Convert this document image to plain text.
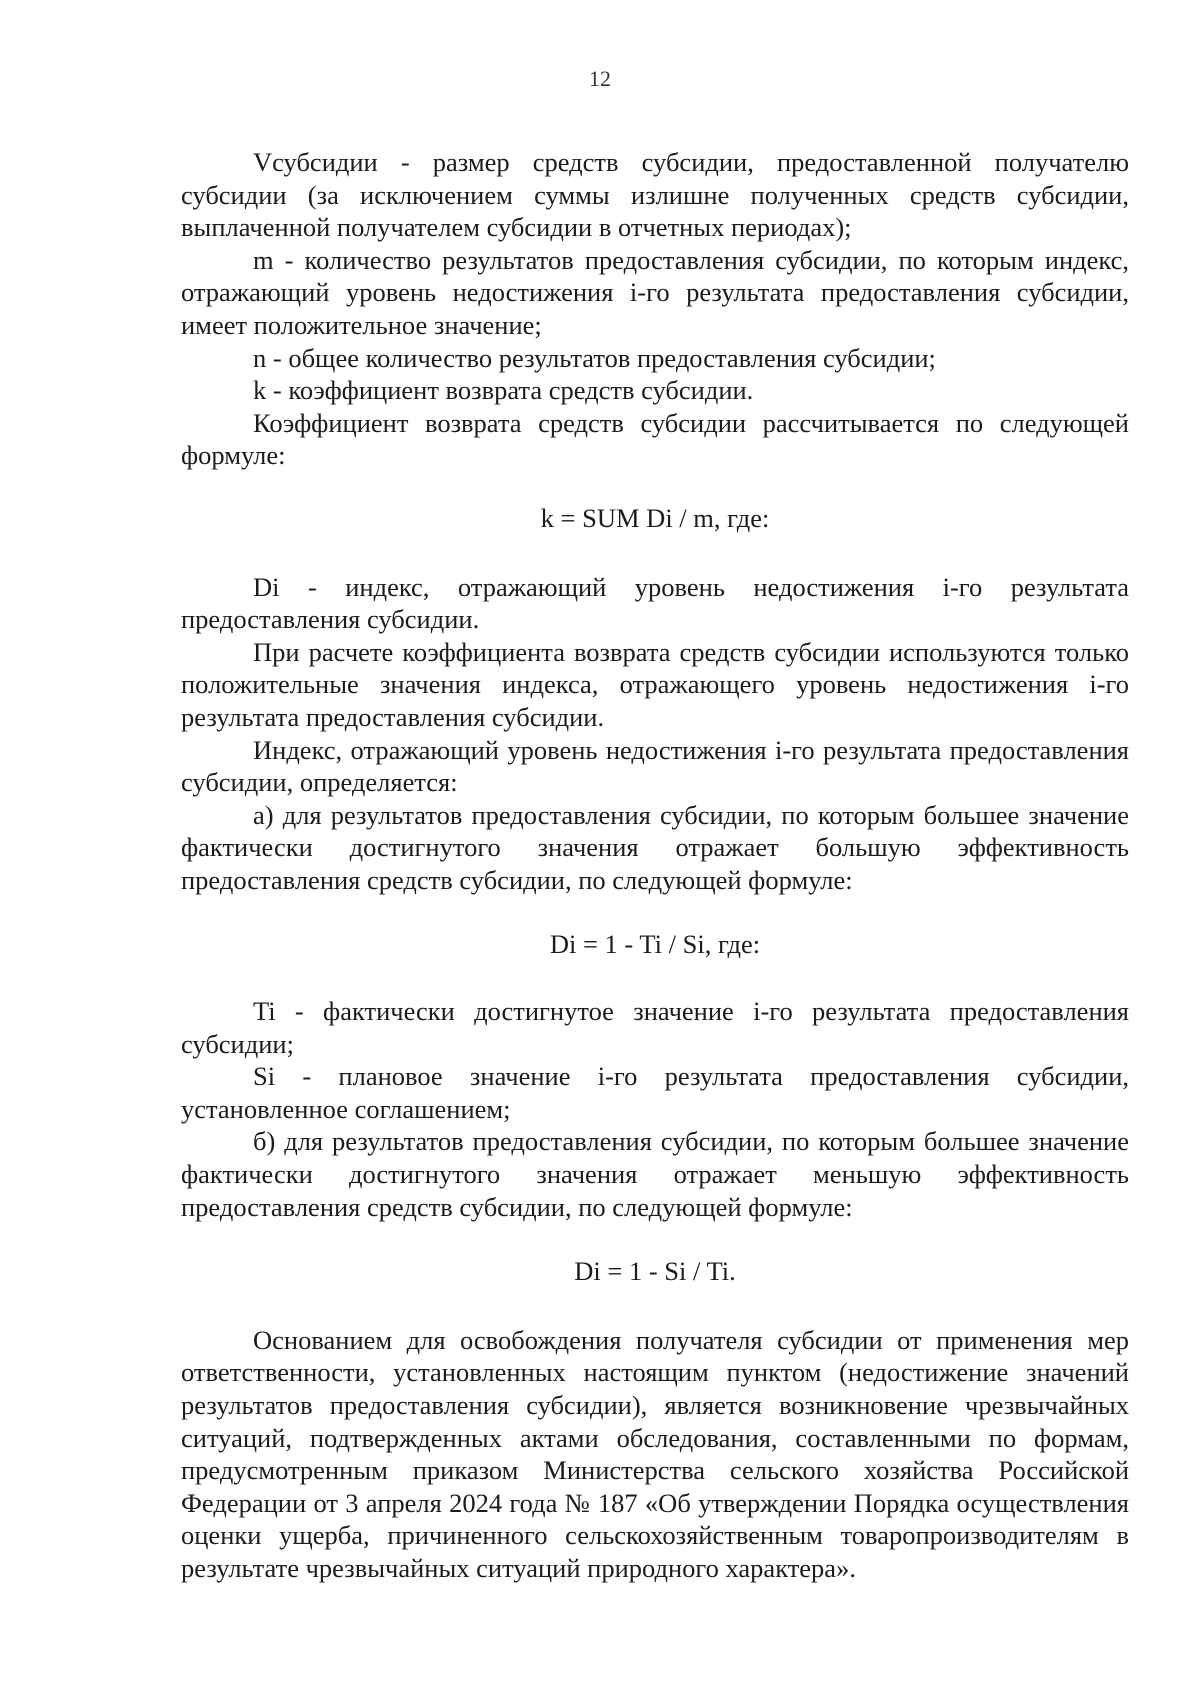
12

Vсубсидии - размер средств субсидии, предоставленной получателю субсидии (за исключением суммы излишне полученных средств субсидии, выплаченной получателем субсидии в отчетных периодах);

m - количество результатов предоставления субсидии, по которым индекс, отражающий уровень недостижения i-го результата предоставления субсидии, имеет положительное значение;

n - общее количество результатов предоставления субсидии;

k - коэффициент возврата средств субсидии.

Коэффициент возврата средств субсидии рассчитывается по следующей формуле:

k = SUM Di / m, где:

Di - индекс, отражающий уровень недостижения i-го результата предоставления субсидии.

При расчете коэффициента возврата средств субсидии используются только положительные значения индекса, отражающего уровень недостижения i-го результата предоставления субсидии.

Индекс, отражающий уровень недостижения i-го результата предоставления субсидии, определяется:

а) для результатов предоставления субсидии, по которым большее значение фактически достигнутого значения отражает большую эффективность предоставления средств субсидии, по следующей формуле:

Di = 1 - Ti / Si, где:

Ti - фактически достигнутое значение i-го результата предоставления субсидии;

Si - плановое значение i-го результата предоставления субсидии, установленное соглашением;

б) для результатов предоставления субсидии, по которым большее значение фактически достигнутого значения отражает меньшую эффективность предоставления средств субсидии, по следующей формуле:

Di = 1 - Si / Ti.

Основанием для освобождения получателя субсидии от применения мер ответственности, установленных настоящим пунктом (недостижение значений результатов предоставления субсидии), является возникновение чрезвычайных ситуаций, подтвержденных актами обследования, составленными по формам, предусмотренным приказом Министерства сельского хозяйства Российской Федерации от 3 апреля 2024 года № 187 «Об утверждении Порядка осуществления оценки ущерба, причиненного сельскохозяйственным товаропроизводителям в результате чрезвычайных ситуаций природного характера».
